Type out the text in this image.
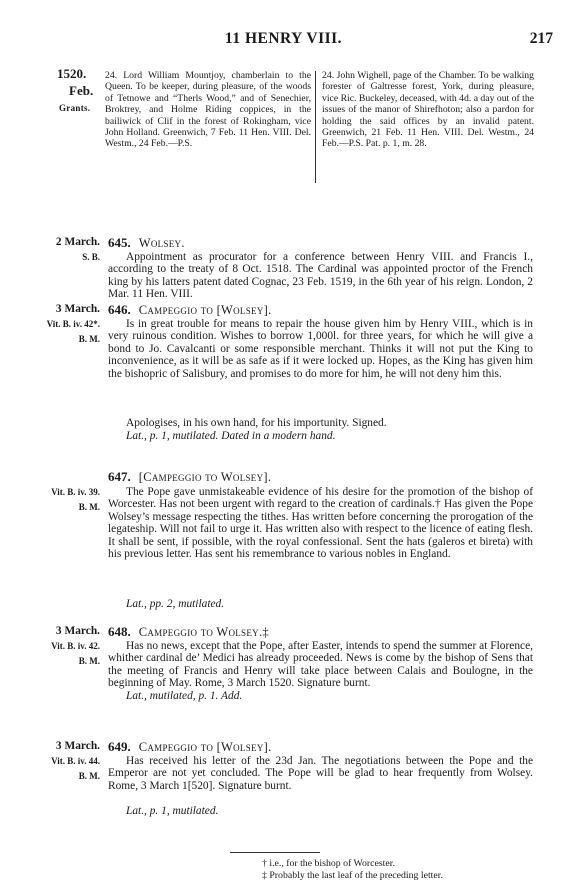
11 HENRY VIII.	217
1520.
Feb.
Grants.
24. Lord William Mountjoy, chamberlain to the Queen. To be keeper, during pleasure, of the woods of Tetnowe and “Therls Wood,” and of Senechier, Broktrey, and Holme Riding coppices, in the bailiwick of Clif in the forest of Rokingham, vice John Holland. Greenwich, 7 Feb. 11 Hen. VIII. Del. Westm., 24 Feb.—P.S.
24. John Wighell, page of the Chamber. To be walking forester of Galtresse forest, York, during pleasure, vice Ric. Buckeley, deceased, with 4d. a day out of the issues of the manor of Shirefhoton; also a pardon for holding the said offices by an invalid patent. Greenwich, 21 Feb. 11 Hen. VIII. Del. Westm., 24 Feb.—P.S. Pat. p. 1, m. 28.
2 March.
S. B.
645. Wolsey.
Appointment as procurator for a conference between Henry VIII. and Francis I., according to the treaty of 8 Oct. 1518. The Cardinal was appointed proctor of the French king by his latters patent dated Cognac, 23 Feb. 1519, in the 6th year of his reign. London, 2 Mar. 11 Hen. VIII.
3 March.
Vit. B. iv. 42*.
B. M.
646. Campeggio to [Wolsey].
Is in great trouble for means to repair the house given him by Henry VIII., which is in very ruinous condition. Wishes to borrow 1,000l. for three years, for which he will give a bond to Jo. Cavalcanti or some responsible merchant. Thinks it will not put the King to inconvenience, as it will be as safe as if it were locked up. Hopes, as the King has given him the bishopric of Salisbury, and promises to do more for him, he will not deny him this.
Apologises, in his own hand, for his importunity. Signed.
Lat., p. 1, mutilated. Dated in a modern hand.
Vit. B. iv. 39.
B. M.
647. [Campeggio to Wolsey].
The Pope gave unmistakeable evidence of his desire for the promotion of the bishop of Worcester. Has not been urgent with regard to the creation of cardinals.† Has given the Pope Wolsey’s message respecting the tithes. Has written before concerning the prorogation of the legateship. Will not fail to urge it. Has written also with respect to the licence of eating flesh. It shall be sent, if possible, with the royal confessional. Sent the hats (galeros et bireta) with his previous letter. Has sent his remembrance to various nobles in England.
Lat., pp. 2, mutilated.
3 March.
Vit. B. iv. 42.
B. M.
648. Campeggio to Wolsey.‡
Has no news, except that the Pope, after Easter, intends to spend the summer at Florence, whither cardinal de’ Medici has already proceeded. News is come by the bishop of Sens that the meeting of Francis and Henry will take place between Calais and Boulogne, in the beginning of May. Rome, 3 March 1520. Signature burnt.
Lat., mutilated, p. 1. Add.
3 March.
Vit. B. iv. 44.
B. M.
649. Campeggio to [Wolsey].
Has received his letter of the 23d Jan. The negotiations between the Pope and the Emperor are not yet concluded. The Pope will be glad to hear frequently from Wolsey. Rome, 3 March 1[520]. Signature burnt.
Lat., p. 1, mutilated.
† i.e., for the bishop of Worcester.
‡ Probably the last leaf of the preceding letter.
